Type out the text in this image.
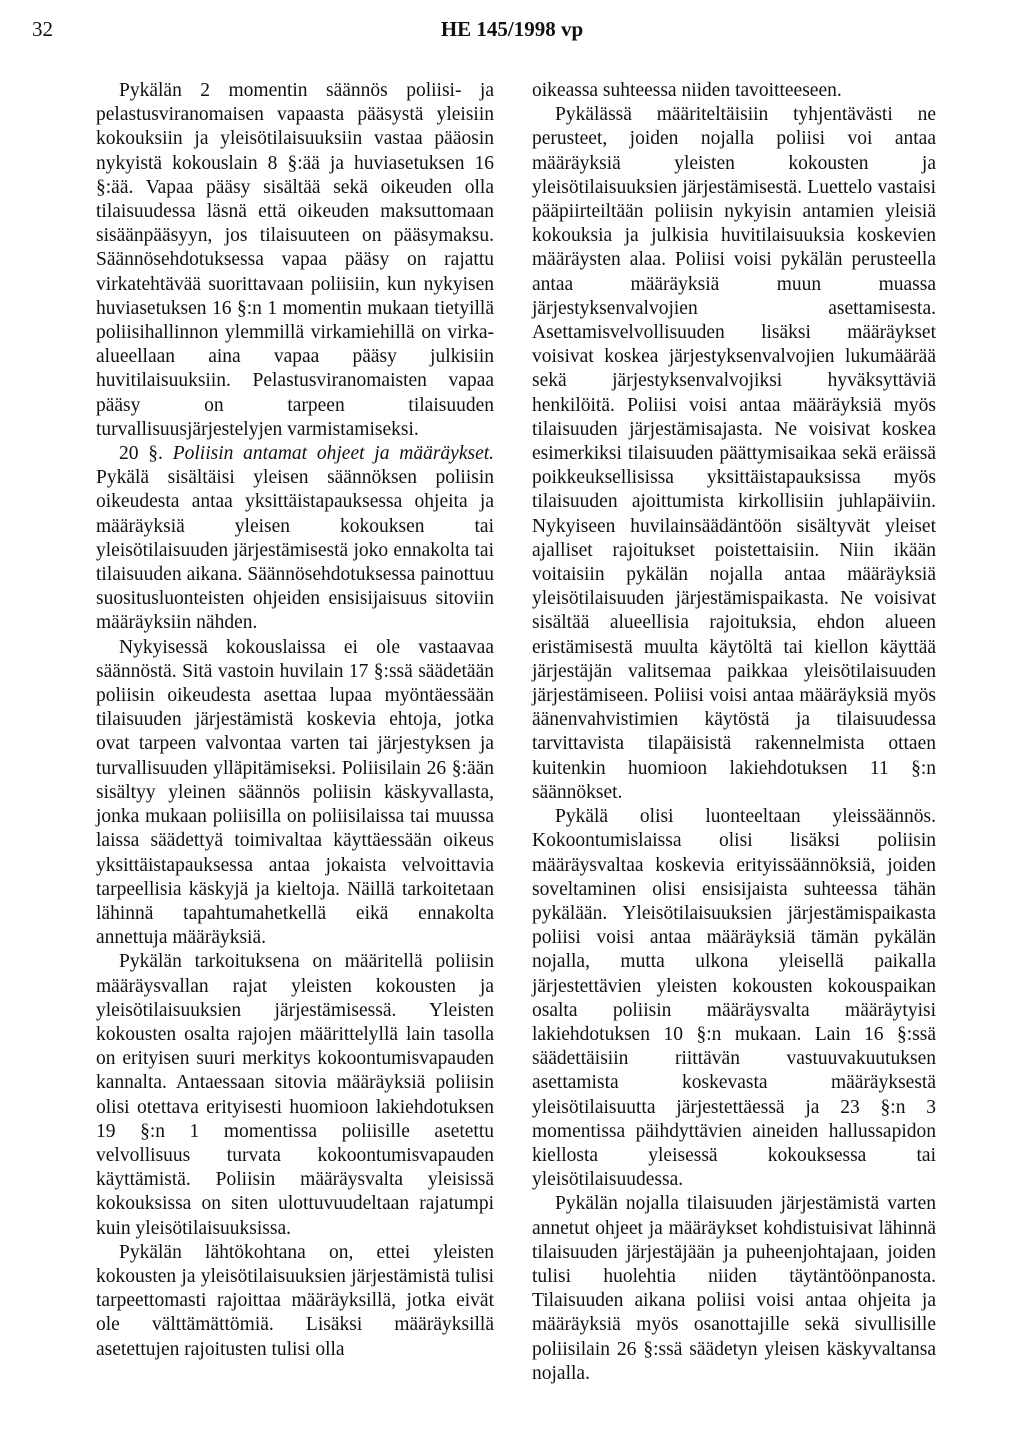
32	HE 145/1998 vp

Pykälän 2 momentin säännös poliisi- ja pelastusviranomaisen vapaasta pääsystä yleisiin kokouksiin ja yleisötilaisuuksiin vastaa pääosin nykyistä kokouslain 8 §:ää ja huviasetuksen 16 §:ää. Vapaa pääsy sisältää sekä oikeuden olla tilaisuudessa läsnä että oikeuden maksuttomaan sisäänpääsyyn, jos tilaisuuteen on pääsymaksu. Säännösehdotuksessa vapaa pääsy on rajattu virkatehtävää suorittavaan poliisiin, kun nykyisen huviasetuksen 16 §:n 1 momentin mukaan tietyillä poliisihallinnon ylemmillä virkamiehillä on virka-alueellaan aina vapaa pääsy julkisiin huvitilaisuuksiin. Pelastusviranomaisten vapaa pääsy on tarpeen tilaisuuden turvallisuusjärjestelyjen varmistamiseksi.

20 §. Poliisin antamat ohjeet ja määräykset. Pykälä sisältäisi yleisen säännöksen poliisin oikeudesta antaa yksittäistapauksessa ohjeita ja määräyksiä yleisen kokouksen tai yleisötilaisuuden järjestämisestä joko ennakolta tai tilaisuuden aikana. Säännösehdotuksessa painottuu suositusluonteisten ohjeiden ensisijaisuus sitoviin määräyksiin nähden.

Nykyisessä kokouslaissa ei ole vastaavaa säännöstä. Sitä vastoin huvilain 17 §:ssä säädetään poliisin oikeudesta asettaa lupaa myöntäessään tilaisuuden järjestämistä koskevia ehtoja, jotka ovat tarpeen valvontaa varten tai järjestyksen ja turvallisuuden ylläpitämiseksi. Poliisilain 26 §:ään sisältyy yleinen säännös poliisin käskyvallasta, jonka mukaan poliisilla on poliisilaissa tai muussa laissa säädettyä toimivaltaa käyttäessään oikeus yksittäistapauksessa antaa jokaista velvoittavia tarpeellisia käskyjä ja kieltoja. Näillä tarkoitetaan lähinnä tapahtumahetkellä eikä ennakolta annettuja määräyksiä.

Pykälän tarkoituksena on määritellä poliisin määräysvallan rajat yleisten kokousten ja yleisötilaisuuksien järjestämisessä. Yleisten kokousten osalta rajojen määrittelyllä lain tasolla on erityisen suuri merkitys kokoontumisvapauden kannalta. Antaessaan sitovia määräyksiä poliisin olisi otettava erityisesti huomioon lakiehdotuksen 19 §:n 1 momentissa poliisille asetettu velvollisuus turvata kokoontumisvapauden käyttämistä. Poliisin määräysvalta yleisissä kokouksissa on siten ulottuvuudeltaan rajatumpi kuin yleisötilaisuuksissa.

Pykälän lähtökohtana on, ettei yleisten kokousten ja yleisötilaisuuksien järjestämistä tulisi tarpeettomasti rajoittaa määräyksillä, jotka eivät ole välttämättömiä. Lisäksi määräyksillä asetettujen rajoitusten tulisi olla

oikeassa suhteessa niiden tavoitteeseen.

Pykälässä määriteltäisiin tyhjentävästi ne perusteet, joiden nojalla poliisi voi antaa määräyksiä yleisten kokousten ja yleisötilaisuuksien järjestämisestä. Luettelo vastaisi pääpiirteiltään poliisin nykyisin antamien yleisiä kokouksia ja julkisia huvitilaisuuksia koskevien määräysten alaa. Poliisi voisi pykälän perusteella antaa määräyksiä muun muassa järjestyksenvalvojien asettamisesta. Asettamisvelvollisuuden lisäksi määräykset voisivat koskea järjestyksenvalvojien lukumäärää sekä järjestyksenvalvojiksi hyväksyttäviä henkilöitä. Poliisi voisi antaa määräyksiä myös tilaisuuden järjestämisajasta. Ne voisivat koskea esimerkiksi tilaisuuden päättymisaikaa sekä eräissä poikkeuksellisissa yksittäistapauksissa myös tilaisuuden ajoittumista kirkollisiin juhlapäiviin. Nykyiseen huvilainsäädäntöön sisältyvät yleiset ajalliset rajoitukset poistettaisiin. Niin ikään voitaisiin pykälän nojalla antaa määräyksiä yleisötilaisuuden järjestämispaikasta. Ne voisivat sisältää alueellisia rajoituksia, ehdon alueen eristämisestä muulta käytöltä tai kiellon käyttää järjestäjän valitsemaa paikkaa yleisötilaisuuden järjestämiseen. Poliisi voisi antaa määräyksiä myös äänenvahvistimien käytöstä ja tilaisuudessa tarvittavista tilapäisistä rakennelmista ottaen kuitenkin huomioon lakiehdotuksen 11 §:n säännökset.

Pykälä olisi luonteeltaan yleissäännös. Kokoontumislaissa olisi lisäksi poliisin määräysvaltaa koskevia erityissäännöksiä, joiden soveltaminen olisi ensisijaista suhteessa tähän pykälään. Yleisötilaisuuksien järjestämispaikasta poliisi voisi antaa määräyksiä tämän pykälän nojalla, mutta ulkona yleisellä paikalla järjestettävien yleisten kokousten kokouspaikan osalta poliisin määräysvalta määräytyisi lakiehdotuksen 10 §:n mukaan. Lain 16 §:ssä säädettäisiin riittävän vastuuvakuutuksen asettamista koskevasta määräyksestä yleisötilaisuutta järjestettäessä ja 23 §:n 3 momentissa päihdyttävien aineiden hallussapidon kiellosta yleisessä kokouksessa tai yleisötilaisuudessa.

Pykälän nojalla tilaisuuden järjestämistä varten annetut ohjeet ja määräykset kohdistuisivat lähinnä tilaisuuden järjestäjään ja puheenjohtajaan, joiden tulisi huolehtia niiden täytäntöönpanosta. Tilaisuuden aikana poliisi voisi antaa ohjeita ja määräyksiä myös osanottajille sekä sivullisille poliisilain 26 §:ssä säädetyn yleisen käskyvaltansa nojalla.
